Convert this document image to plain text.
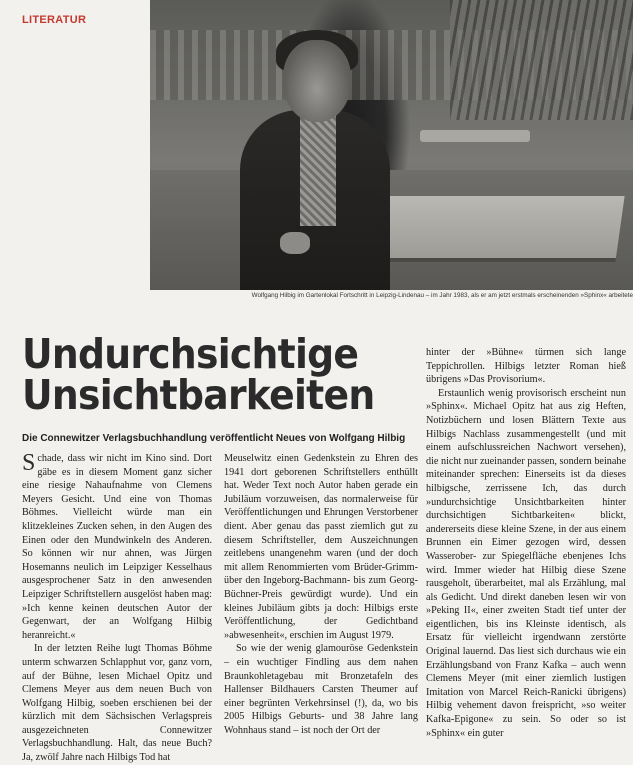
LITERATUR
Wolfgang Hilbig im Gartenlokal Fortschritt in Leipzig-Lindenau – im Jahr 1983, als er am jetzt erstmals erscheinenden »Sphinx« arbeitete
Undurchsichtige
Unsichtbarkeiten
Die Connewitzer Verlagsbuchhandlung veröffentlicht Neues von Wolfgang Hilbig

Schade, dass wir nicht im Kino sind. Dort gäbe es in diesem Moment ganz sicher eine riesige Nahaufnahme von Clemens Meyers Gesicht. Und eine von Thomas Böhmes. Vielleicht würde man ein klitzekleines Zucken sehen, in den Augen des Einen oder den Mundwinkeln des Anderen. So können wir nur ahnen, was Jürgen Hosemanns neulich im Leipziger Kesselhaus ausgesprochener Satz in den anwesenden Leipziger Schriftstellern ausgelöst haben mag: »Ich kenne keinen deutschen Autor der Gegenwart, der an Wolfgang Hilbig heranreicht.«

In der letzten Reihe lugt Thomas Böhme unterm schwarzen Schlapphut vor, ganz vorn, auf der Bühne, lesen Michael Opitz und Clemens Meyer aus dem neuen Buch von Wolfgang Hilbig, soeben erschienen bei der kürzlich mit dem Sächsischen Verlagspreis ausgezeichneten Connewitzer Verlagsbuchhandlung. Halt, das neue Buch? Ja, zwölf Jahre nach Hilbigs Tod hat

Meuselwitz einen Gedenkstein zu Ehren des 1941 dort geborenen Schriftstellers enthüllt hat. Weder Text noch Autor haben gerade ein Jubiläum vorzuweisen, das normalerweise für Veröffentlichungen und Ehrungen Verstorbener dient. Aber genau das passt ziemlich gut zu diesem Schriftsteller, dem Auszeichnungen zeitlebens unangenehm waren (und der doch mit allem Renommierten vom Brüder-Grimm- über den Ingeborg-Bachmann- bis zum Georg-Büchner-Preis gewürdigt wurde). Und ein kleines Jubiläum gibts ja doch: Hilbigs erste Veröffentlichung, der Gedichtband »abwesenheit«, erschien im August 1979.

So wie der wenig glamouröse Gedenkstein – ein wuchtiger Findling aus dem nahen Braunkohletagebau mit Bronzetafeln des Hallenser Bildhauers Carsten Theumer auf einer begrünten Verkehrsinsel (!), da, wo bis 2005 Hilbigs Geburts- und 38 Jahre lang Wohnhaus stand – ist noch der Ort der

hinter der »Bühne« türmen sich lange Teppichrollen. Hilbigs letzter Roman hieß übrigens »Das Provisorium«.

Erstaunlich wenig provisorisch erscheint nun »Sphinx«. Michael Opitz hat aus zig Heften, Notizbüchern und losen Blättern Texte aus Hilbigs Nachlass zusammengestellt (und mit einem aufschlussreichen Nachwort versehen), die nicht nur zueinander passen, sondern beinahe miteinander sprechen: Einerseits ist da dieses hilbigsche, zerrissene Ich, das durch »undurchsichtige Unsichtbarkeiten hinter durchsichtigen Sichtbarkeiten« blickt, andererseits diese kleine Szene, in der aus einem Brunnen ein Eimer gezogen wird, dessen Wasserober- zur Spiegelfläche ebenjenes Ichs wird. Immer wieder hat Hilbig diese Szene rausgeholt, überarbeitet, mal als Erzählung, mal als Gedicht. Und direkt daneben lesen wir von »Peking II«, einer zweiten Stadt tief unter der eigentlichen, bis ins Kleinste identisch, als Ersatz für vielleicht irgendwann zerstörte Original lauernd. Das liest sich durchaus wie ein Erzählungsband von Franz Kafka – auch wenn Clemens Meyer (mit einer ziemlich lustigen Imitation von Marcel Reich-Ranicki übrigens) Hilbig vehement davon freispricht, »so weiter Kafka-Epigone« zu sein. So oder so ist »Sphinx« ein guter
